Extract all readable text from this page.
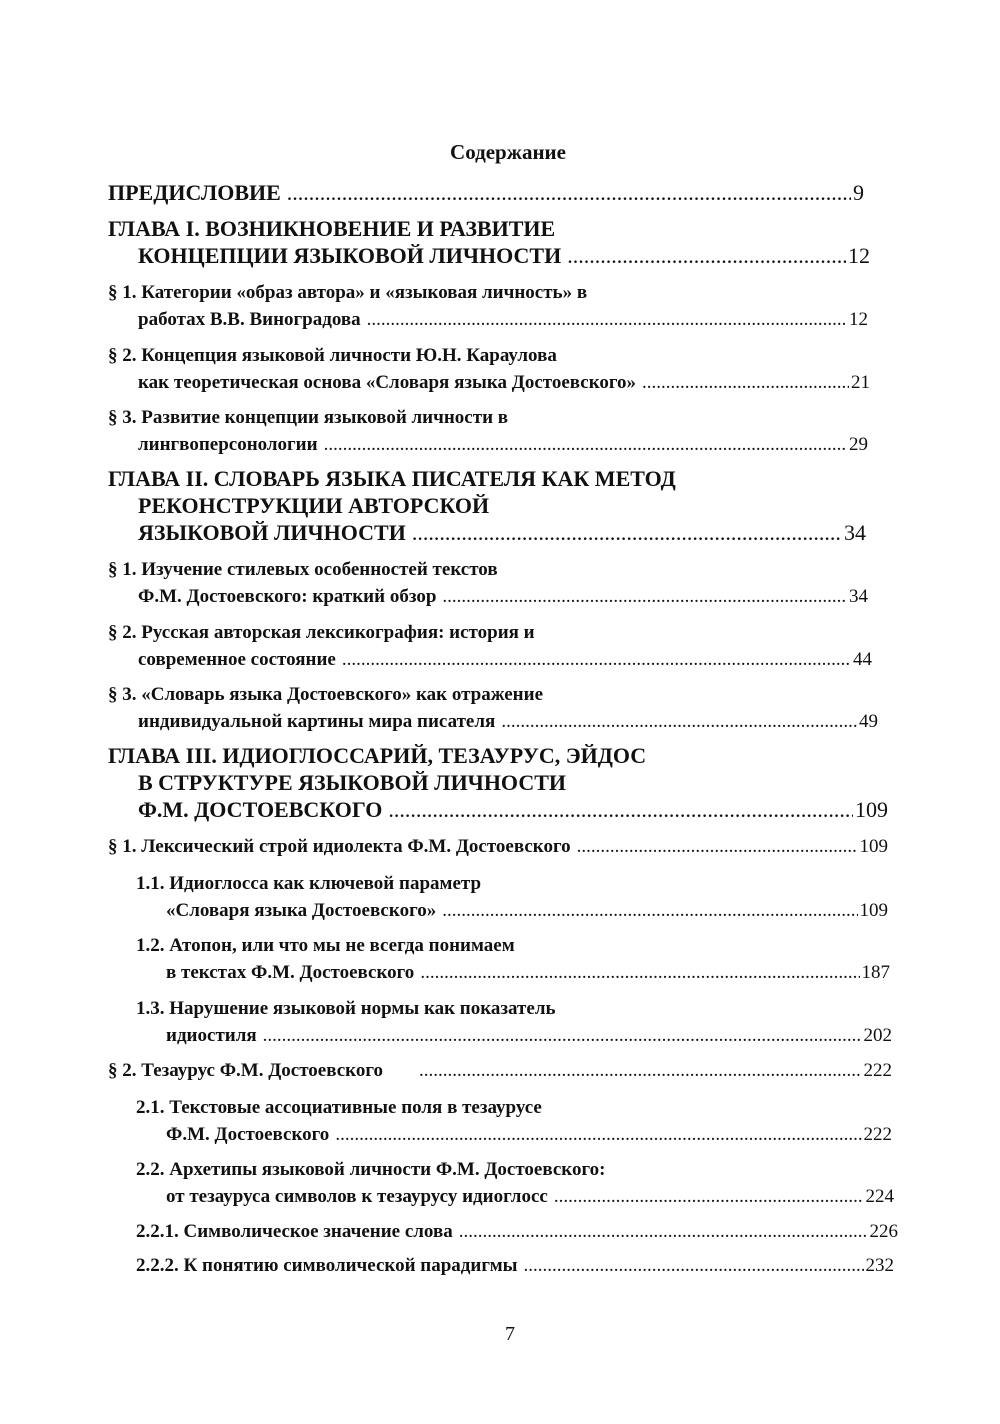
Содержание
ПРЕДИСЛОВИЕ .....	9
ГЛАВА I. ВОЗНИКНОВЕНИЕ И РАЗВИТИЕ
КОНЦЕПЦИИ ЯЗЫКОВОЙ ЛИЧНОСТИ .....	12
§ 1. Категории «образ автора» и «языковая личность» в
работах В.В. Виноградова .....	12
§ 2. Концепция языковой личности Ю.Н. Караулова
как теоретическая основа «Словаря языка Достоевского» .....	21
§ 3. Развитие концепции языковой личности в
лингвоперсонологии .....	29
ГЛАВА II. СЛОВАРЬ ЯЗЫКА ПИСАТЕЛЯ КАК МЕТОД
РЕКОНСТРУКЦИИ АВТОРСКОЙ
ЯЗЫКОВОЙ ЛИЧНОСТИ .....	34
§ 1. Изучение стилевых особенностей текстов
Ф.М. Достоевского: краткий обзор .....	34
§ 2. Русская авторская лексикография: история и
современное состояние .....	44
§ 3. «Словарь языка Достоевского» как отражение
индивидуальной картины мира писателя .....	49
ГЛАВА III. ИДИОГЛОССАРИЙ, ТЕЗАУРУС, ЭЙДОС
В СТРУКТУРЕ ЯЗЫКОВОЙ ЛИЧНОСТИ
Ф.М. ДОСТОЕВСКОГО .....	109
§ 1. Лексический строй идиолекта Ф.М. Достоевского .....	109
1.1. Идиоглосса как ключевой параметр
«Словаря языка Достоевского» .....	109
1.2. Атопон, или что мы не всегда понимаем
в текстах Ф.М. Достоевского .....	187
1.3. Нарушение языковой нормы как показатель
идиостиля .....	202
§ 2. Тезаурус Ф.М. Достоевского .....	222
2.1. Текстовые ассоциативные поля в тезаурусе
Ф.М. Достоевского .....	222
2.2. Архетипы языковой личности Ф.М. Достоевского:
от тезауруса символов к тезаурусу идиоглосс .....	224
2.2.1. Символическое значение слова .....	226
2.2.2. К понятию символической парадигмы .....	232

7
